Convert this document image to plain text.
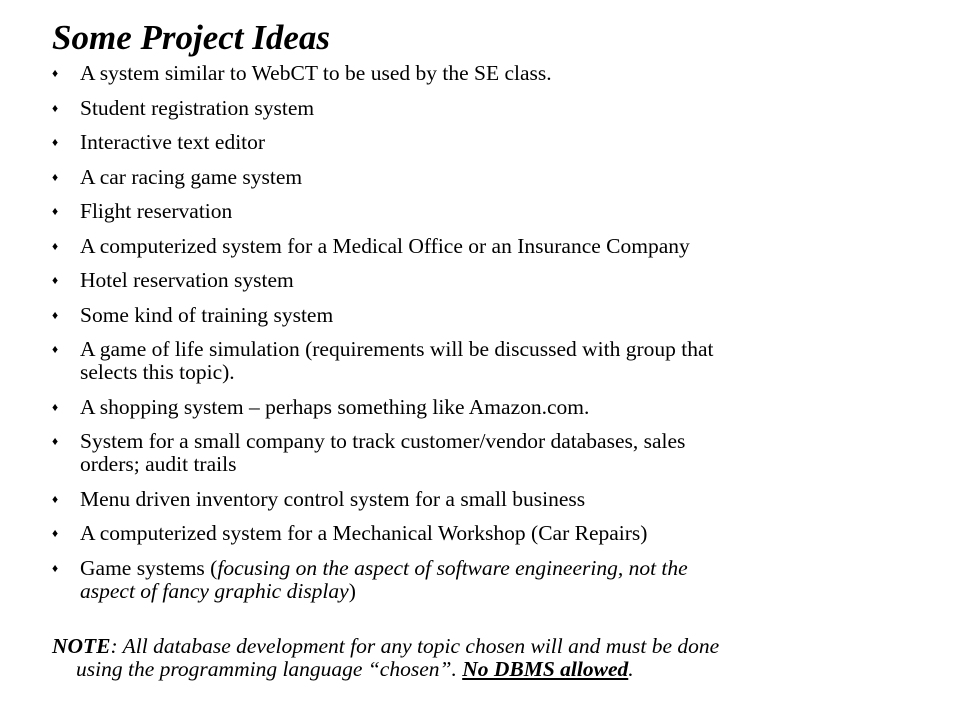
Some Project Ideas
♦ A system similar to WebCT to be used by the SE class.
♦ Student registration system
♦ Interactive text editor
♦ A car racing game system
♦ Flight reservation
♦ A computerized system for a Medical Office or an Insurance Company
♦ Hotel reservation system
♦ Some kind of training system
♦ A game of life simulation (requirements will be discussed with group that
selects this topic).
♦ A shopping system – perhaps something like Amazon.com.
♦ System for a small company to track customer/vendor databases, sales
orders; audit trails
♦ Menu driven inventory control system for a small business
♦ A computerized system for a Mechanical Workshop (Car Repairs)
♦ Game systems (focusing on the aspect of software engineering, not the
aspect of fancy graphic display)

NOTE: All database development for any topic chosen will and must be done
using the programming language “chosen”. No DBMS allowed.
